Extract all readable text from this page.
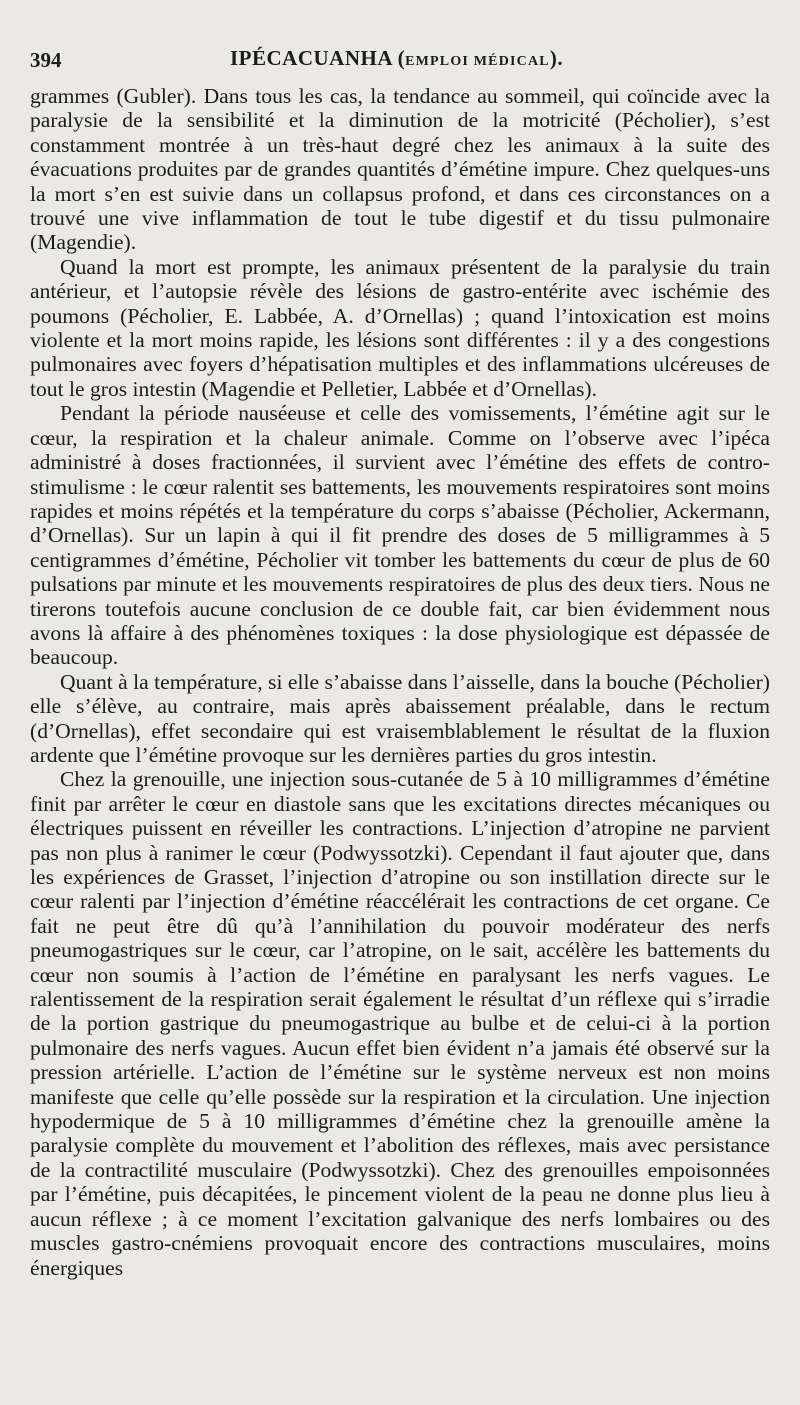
394	IPÉCACUANHA (EMPLOI MÉDICAL).

grammes (Gubler). Dans tous les cas, la tendance au sommeil, qui coïncide avec la paralysie de la sensibilité et la diminution de la motricité (Pécholier), s’est constamment montrée à un très-haut degré chez les animaux à la suite des évacuations produites par de grandes quantités d’émétine impure. Chez quelques-uns la mort s’en est suivie dans un collapsus profond, et dans ces circonstances on a trouvé une vive inflammation de tout le tube digestif et du tissu pulmonaire (Magendie).

Quand la mort est prompte, les animaux présentent de la paralysie du train antérieur, et l’autopsie révèle des lésions de gastro-entérite avec ischémie des poumons (Pécholier, E. Labbée, A. d’Ornellas) ; quand l’intoxication est moins violente et la mort moins rapide, les lésions sont différentes : il y a des congestions pulmonaires avec foyers d’hépatisation multiples et des inflammations ulcéreuses de tout le gros intestin (Magendie et Pelletier, Labbée et d’Ornellas).

Pendant la période nauséeuse et celle des vomissements, l’émétine agit sur le cœur, la respiration et la chaleur animale. Comme on l’observe avec l’ipéca administré à doses fractionnées, il survient avec l’émétine des effets de contro-stimulisme : le cœur ralentit ses battements, les mouvements respiratoires sont moins rapides et moins répétés et la température du corps s’abaisse (Pécholier, Ackermann, d’Ornellas). Sur un lapin à qui il fit prendre des doses de 5 milligrammes à 5 centigrammes d’émétine, Pécholier vit tomber les battements du cœur de plus de 60 pulsations par minute et les mouvements respiratoires de plus des deux tiers. Nous ne tirerons toutefois aucune conclusion de ce double fait, car bien évidemment nous avons là affaire à des phénomènes toxiques : la dose physiologique est dépassée de beaucoup.

Quant à la température, si elle s’abaisse dans l’aisselle, dans la bouche (Pécholier) elle s’élève, au contraire, mais après abaissement préalable, dans le rectum (d’Ornellas), effet secondaire qui est vraisemblablement le résultat de la fluxion ardente que l’émétine provoque sur les dernières parties du gros intestin.

Chez la grenouille, une injection sous-cutanée de 5 à 10 milligrammes d’émétine finit par arrêter le cœur en diastole sans que les excitations directes mécaniques ou électriques puissent en réveiller les contractions. L’injection d’atropine ne parvient pas non plus à ranimer le cœur (Podwyssotzki). Cependant il faut ajouter que, dans les expériences de Grasset, l’injection d’atropine ou son instillation directe sur le cœur ralenti par l’injection d’émétine réaccélérait les contractions de cet organe. Ce fait ne peut être dû qu’à l’annihilation du pouvoir modérateur des nerfs pneumogastriques sur le cœur, car l’atropine, on le sait, accélère les battements du cœur non soumis à l’action de l’émétine en paralysant les nerfs vagues. Le ralentissement de la respiration serait également le résultat d’un réflexe qui s’irradie de la portion gastrique du pneumogastrique au bulbe et de celui-ci à la portion pulmonaire des nerfs vagues. Aucun effet bien évident n’a jamais été observé sur la pression artérielle. L’action de l’émétine sur le système nerveux est non moins manifeste que celle qu’elle possède sur la respiration et la circulation. Une injection hypodermique de 5 à 10 milligrammes d’émétine chez la grenouille amène la paralysie complète du mouvement et l’abolition des réflexes, mais avec persistance de la contractilité musculaire (Podwyssotzki). Chez des grenouilles empoisonnées par l’émétine, puis décapitées, le pincement violent de la peau ne donne plus lieu à aucun réflexe ; à ce moment l’excitation galvanique des nerfs lombaires ou des muscles gastro-cnémiens provoquait encore des contractions musculaires, moins énergiques
